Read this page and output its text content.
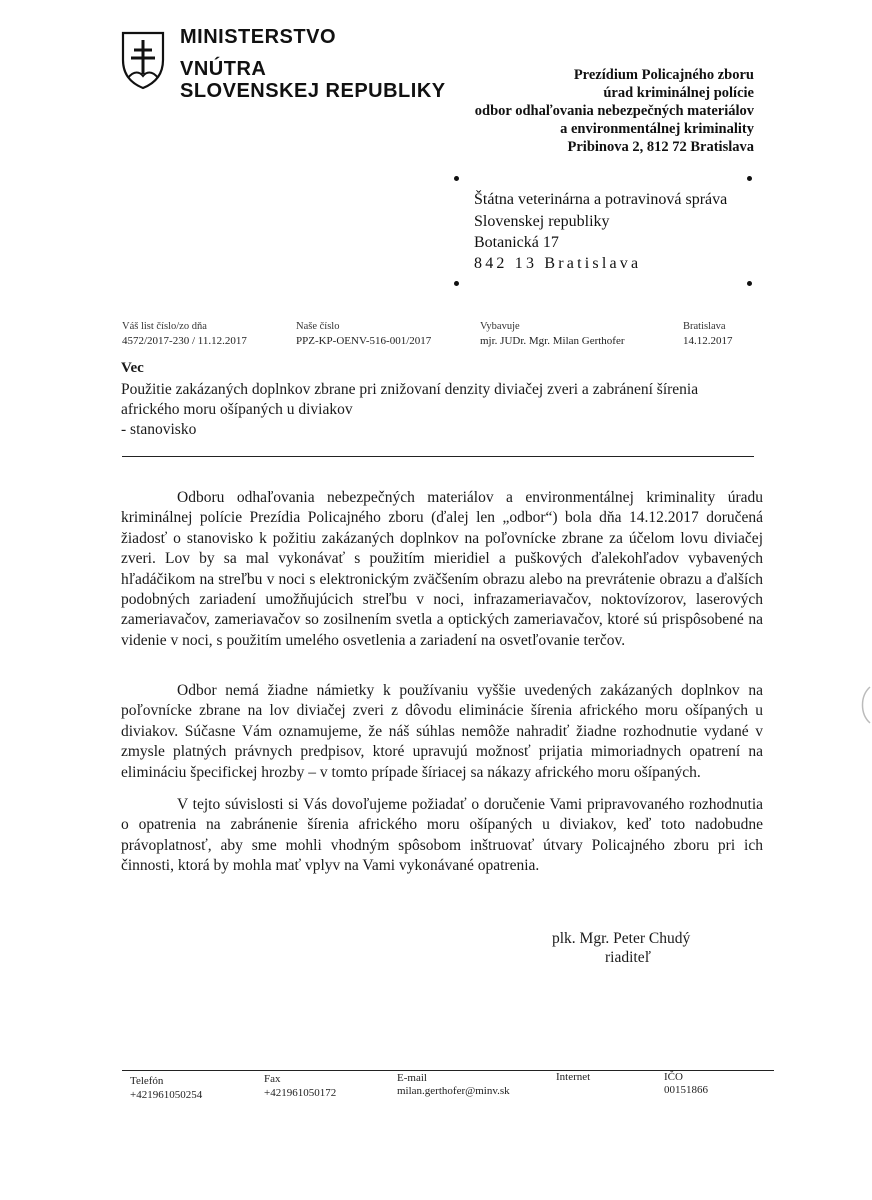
MINISTERSTVO
VNÚTRA
SLOVENSKEJ REPUBLIKY
Prezídium Policajného zboru
úrad kriminálnej polície
odbor odhaľovania nebezpečných materiálov
a environmentálnej kriminality
Pribinova 2, 812 72 Bratislava
Štátna veterinárna a potravinová správa
Slovenskej republiky
Botanická 17
842 13 Bratislava
Váš list číslo/zo dňa
4572/2017-230 / 11.12.2017
Naše číslo
PPZ-KP-OENV-516-001/2017
Vybavuje
mjr. JUDr. Mgr. Milan Gerthofer
Bratislava
14.12.2017
Vec
Použitie zakázaných doplnkov zbrane pri znižovaní denzity diviačej zveri a zabránení šírenia
afrického moru ošípaných u diviakov
- stanovisko
Odboru odhaľovania nebezpečných materiálov a environmentálnej kriminality úradu kriminálnej polície Prezídia Policajného zboru (ďalej len „odbor“) bola dňa 14.12.2017 doručená žiadosť o stanovisko k požitiu zakázaných doplnkov na poľovnícke zbrane za účelom lovu diviačej zveri. Lov by sa mal vykonávať s použitím mieridiel a puškových ďalekohľadov vybavených hľadáčikom na streľbu v noci s elektronickým zväčšením obrazu alebo na prevrátenie obrazu a ďalších podobných zariadení umožňujúcich streľbu v noci, infrazameriavačov, noktovízorov, laserových zameriavačov, zameriavačov so zosilnením svetla a optických zameriavačov, ktoré sú prispôsobené na videnie v noci, s použitím umelého osvetlenia a zariadení na osvetľovanie terčov.
Odbor nemá žiadne námietky k používaniu vyššie uvedených zakázaných doplnkov na poľovnícke zbrane na lov diviačej zveri z dôvodu eliminácie šírenia afrického moru ošípaných u diviakov. Súčasne Vám oznamujeme, že náš súhlas nemôže nahradiť žiadne rozhodnutie vydané v zmysle platných právnych predpisov, ktoré upravujú možnosť prijatia mimoriadnych opatrení na elimináciu špecifickej hrozby – v tomto prípade šíriacej sa nákazy afrického moru ošípaných.
V tejto súvislosti si Vás dovoľujeme požiadať o doručenie Vami pripravovaného rozhodnutia o opatrenia na zabránenie šírenia afrického moru ošípaných u diviakov, keď toto nadobudne právoplatnosť, aby sme mohli vhodným spôsobom inštruovať útvary Policajného zboru pri ich činnosti, ktorá by mohla mať vplyv na Vami vykonávané opatrenia.
plk. Mgr. Peter Chudý
riaditeľ
Telefón
+421961050254
Fax
+421961050172
E-mail
milan.gerthofer@minv.sk
Internet	IČO
00151866
